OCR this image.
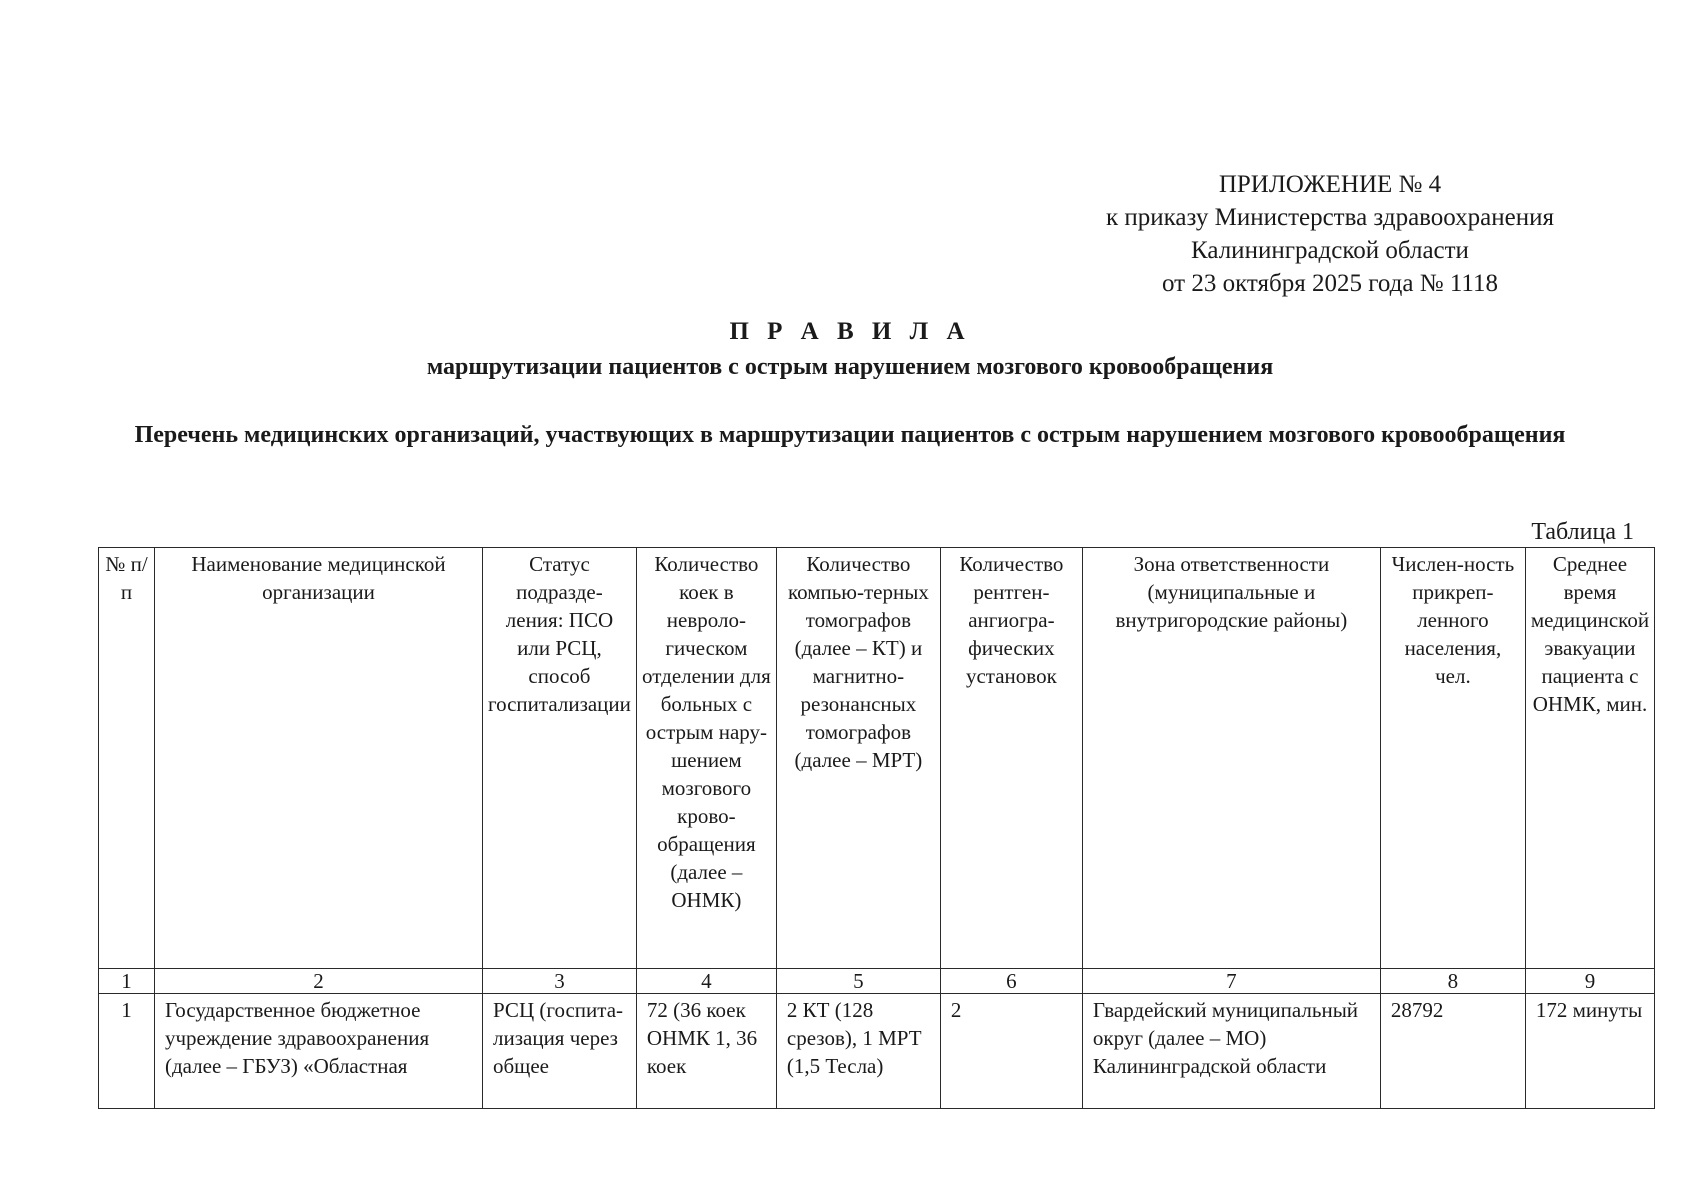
ПРИЛОЖЕНИЕ № 4
к приказу Министерства здравоохранения
Калининградской области
от 23 октября 2025 года № 1118
П Р А В И Л А
маршрутизации пациентов с острым нарушением мозгового кровообращения
Перечень медицинских организаций, участвующих в маршрутизации пациентов с острым нарушением мозгового кровообращения
Таблица 1
№ п/п	Наименование медицинской организации	Статус подразде-ления: ПСО или РСЦ, способ госпитализации	Количество коек в невроло-гическом отделении для больных с острым нару-шением мозгового крово-обращения (далее – ОНМК)	Количество компью-терных томографов (далее – КТ) и магнитно-резонансных томографов (далее – МРТ)	Количество рентген-ангиогра-фических установок	Зона ответственности (муниципальные и внутригородские районы)	Числен-ность прикреп-ленного населения, чел.	Среднее время медицинской эвакуации пациента с ОНМК, мин.
1	2	3	4	5	6	7	8	9
1	Государственное бюджетное учреждение здравоохранения (далее – ГБУЗ) «Областная	РСЦ (госпита-лизация через общее	72 (36 коек ОНМК 1, 36 коек	2 КТ (128 срезов), 1 МРТ (1,5 Тесла)	2	Гвардейский муниципальный округ (далее – МО) Калининградской области	28792	172 минуты
